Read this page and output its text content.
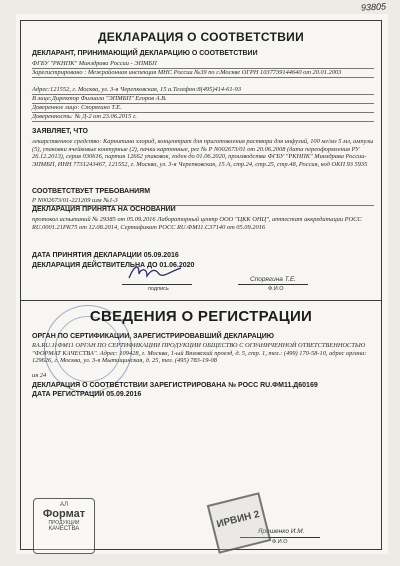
93805
ДЕКЛАРАЦИЯ О СООТВЕТСТВИИ

ДЕКЛАРАНТ, ПРИНИМАЮЩИЙ ДЕКЛАРАЦИЮ О СООТВЕТСТВИИ

ФГБУ "РКНПК" Минздрава России - ЭПМБП

Зарегистрировано : Межрайонная инспекция МНС России №39 по г.Москве ОГРН 1037739144640 от 20.01.2003

Адрес:121552, г. Москва, ул. 3-я Черепковская, 15 а.Телефон:8(495)414-61-93

В лице:Директор Филиала "ЭПМБП" Егоров А.В.

Доверенное лицо: Спорягино Т.Е.

Доверенность: № Д-2 от 23.06.2015 г.

ЗАЯВЛЯЕТ, ЧТО

лекарственное средство: Карнитина хлорид, концентрат для приготовления раствора для инфузий, 100 мг/мл 5 мл, ампулы (5), упаковки ячейковые контурные (2), пачки картонные, рег № Р N002673/01 от 20.06.2008 (дата переоформления РУ 26.12.2013), серия 030616, партия 12662 упаковок, годен до 01.06.2020, производства ФГБУ "РКНПК" Минздрава России-ЭПМБП, ИНН 7731243467, 121552, г. Москва, ул. 3-я Черепковская, 15 А, стр.24, стр.25, стр.48, Россия, код ОКП 93 5935

СООТВЕТСТВУЕТ ТРЕБОВАНИЯМ

Р N002673/01-221209 изм №1-3

ДЕКЛАРАЦИЯ ПРИНЯТА НА ОСНОВАНИИ

протокол испытаний № 29385 от 05.09.2016 Лабораторный центр ООО "ЦКК ОНЦ", аттестат аккредитации РОСС RU.0001.21PK75 от 12.08.2014, Сертификат РОСС RU.ФМ11.С37140 от 05.09.2016

ДАТА ПРИНЯТИЯ ДЕКЛАРАЦИИ 05.09.2016

ДЕКЛАРАЦИЯ ДЕЙСТВИТЕЛЬНА ДО 01.06.2020

подпись
Спорягина Т.Е.
Ф.И.О
СВЕДЕНИЯ О РЕГИСТРАЦИИ

ОРГАН ПО СЕРТИФИКАЦИИ, ЗАРЕГИСТРИРОВАВШИЙ ДЕКЛАРАЦИЮ

RA.RU.11ФМ11 ОРГАН ПО СЕРТИФИКАЦИИ ПРОДУКЦИИ ОБЩЕСТВО С ОГРАНИЧЕННОЙ ОТВЕТСТВЕННОСТЬЮ "ФОРМАТ КАЧЕСТВА". Адрес: 109428, г. Москва, 1-ый Вязовский проезд, д. 5, стр. 1, тел.: (499) 170-58-10, адрес органа: 129626, г. Москва, ул. 3-я Мытищинская, д. 25, тел. (495) 783-19-08

ия 24

ДЕКЛАРАЦИЯ О СООТВЕТСТВИИ ЗАРЕГИСТРИРОВАНА № РОСС RU.ФМ11.Д60169

ДАТА РЕГИСТРАЦИИ 05.09.2016

Ярошенко И.М.
Ф.И.О
АЛ
Формат
ПРОДУКЦИИ
КАЧЕСТВА	ИРВИН 2
